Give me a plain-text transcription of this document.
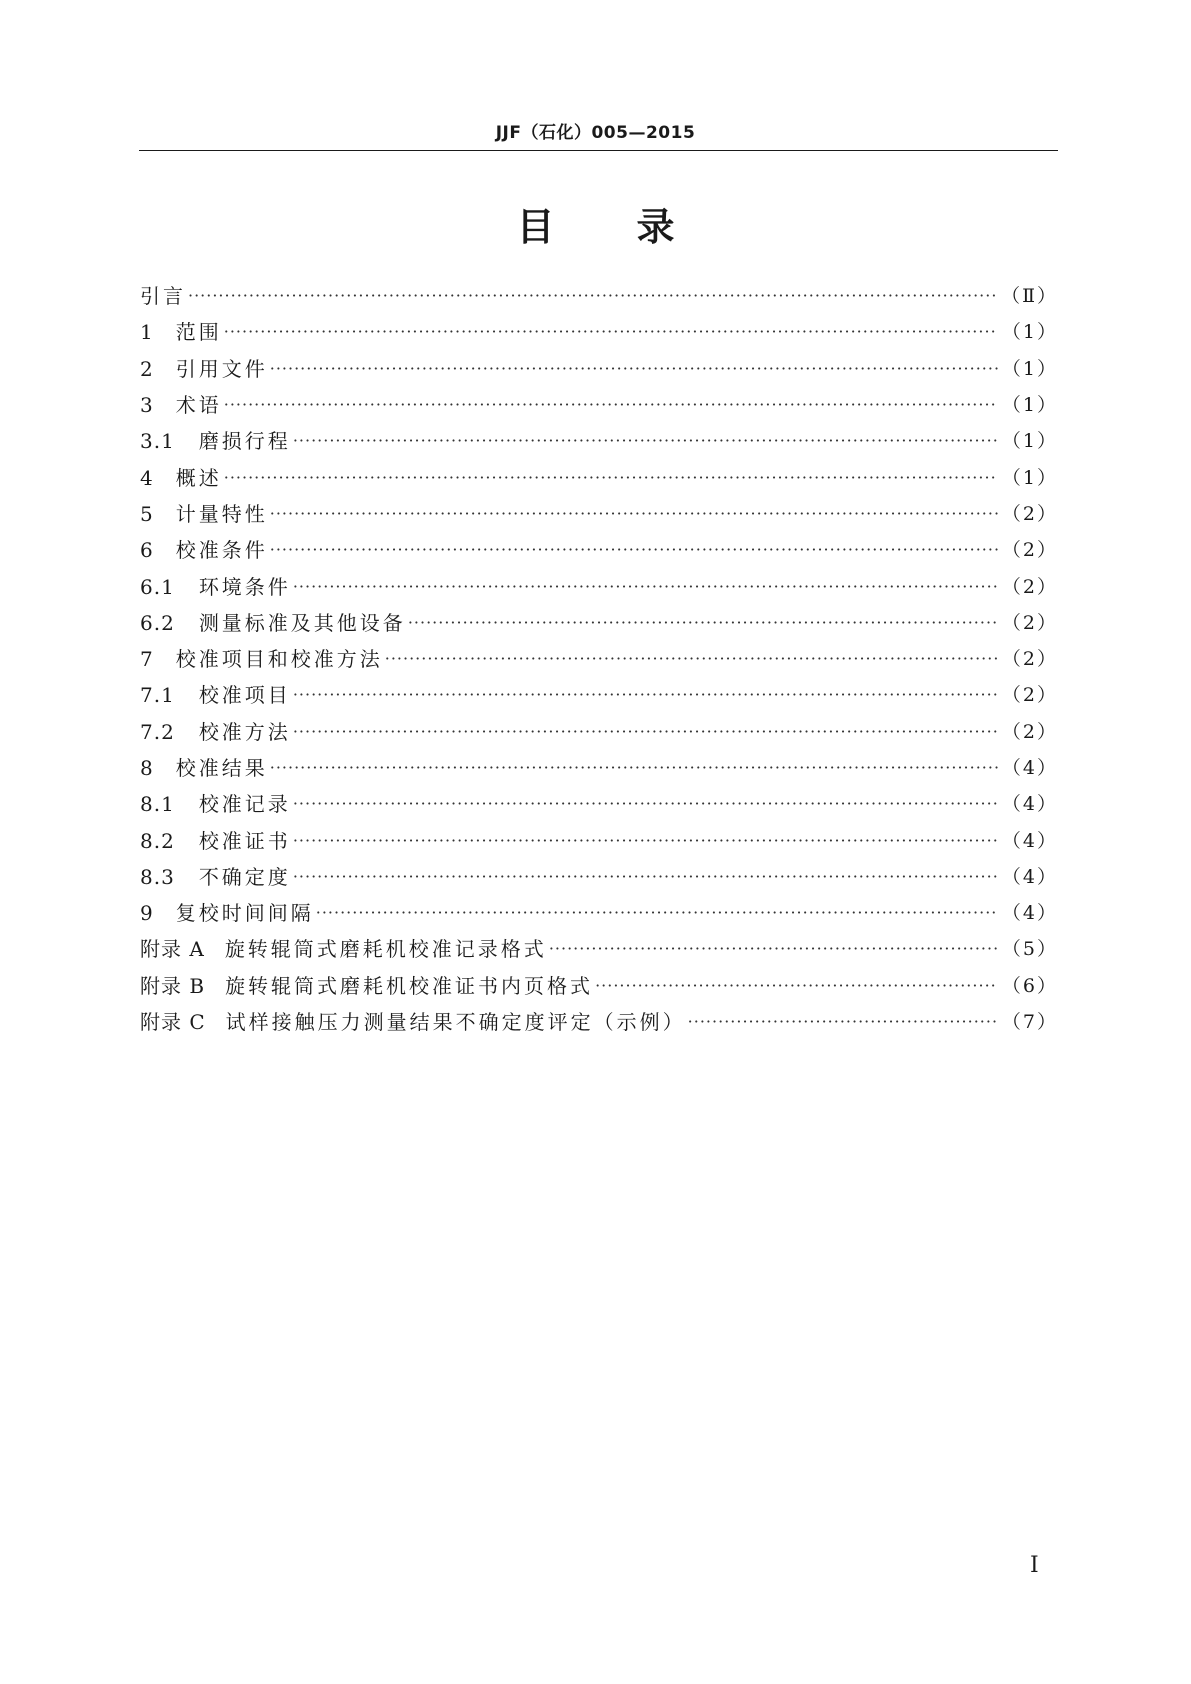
JJF（石化）005—2015
目 录
引言 ·····	（Ⅱ）
1 范围 ·····	（1）
2 引用文件 ·····	（1）
3 术语 ·····	（1）
3.1 磨损行程 ·····	（1）
4 概述 ·····	（1）
5 计量特性 ·····	（2）
6 校准条件 ·····	（2）
6.1 环境条件 ·····	（2）
6.2 测量标准及其他设备 ·····	（2）
7 校准项目和校准方法 ·····	（2）
7.1 校准项目 ·····	（2）
7.2 校准方法 ·····	（2）
8 校准结果 ·····	（4）
8.1 校准记录 ·····	（4）
8.2 校准证书 ·····	（4）
8.3 不确定度 ·····	（4）
9 复校时间间隔 ·····	（4）
附录 A 旋转辊筒式磨耗机校准记录格式 ·····	（5）
附录 B 旋转辊筒式磨耗机校准证书内页格式 ·····	（6）
附录 C 试样接触压力测量结果不确定度评定（示例） ·····	（7）
Ⅰ
